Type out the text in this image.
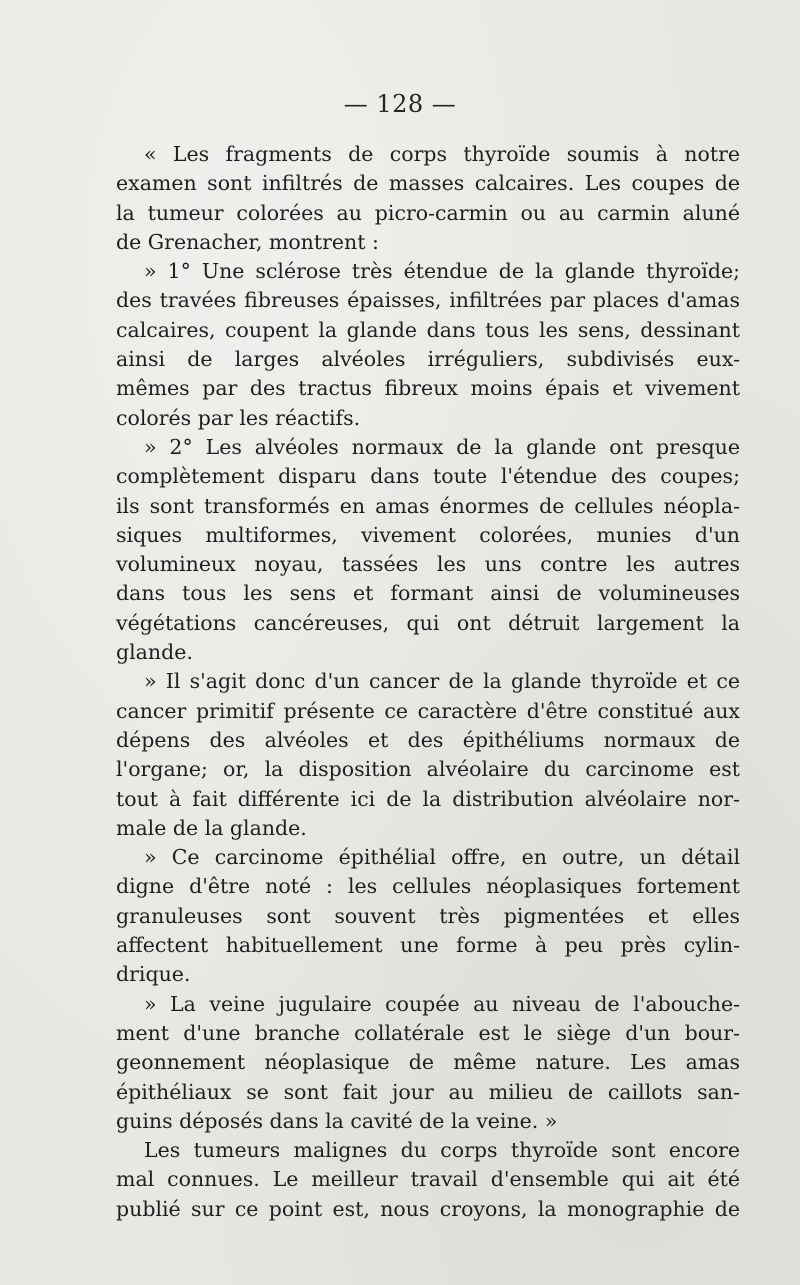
— 128 —
« Les fragments de corps thyroïde soumis à notre
examen sont infiltrés de masses calcaires. Les coupes de
la tumeur colorées au picro-carmin ou au carmin aluné
de Grenacher, montrent :
» 1° Une sclérose très étendue de la glande thyroïde;
des travées fibreuses épaisses, infiltrées par places d'amas
calcaires, coupent la glande dans tous les sens, dessinant
ainsi de larges alvéoles irréguliers, subdivisés eux-
mêmes par des tractus fibreux moins épais et vivement
colorés par les réactifs.
» 2° Les alvéoles normaux de la glande ont presque
complètement disparu dans toute l'étendue des coupes;
ils sont transformés en amas énormes de cellules néopla-
siques multiformes, vivement colorées, munies d'un
volumineux noyau, tassées les uns contre les autres
dans tous les sens et formant ainsi de volumineuses
végétations cancéreuses, qui ont détruit largement la
glande.
» Il s'agit donc d'un cancer de la glande thyroïde et ce
cancer primitif présente ce caractère d'être constitué aux
dépens des alvéoles et des épithéliums normaux de
l'organe; or, la disposition alvéolaire du carcinome est
tout à fait différente ici de la distribution alvéolaire nor-
male de la glande.
» Ce carcinome épithélial offre, en outre, un détail
digne d'être noté : les cellules néoplasiques fortement
granuleuses sont souvent très pigmentées et elles
affectent habituellement une forme à peu près cylin-
drique.
» La veine jugulaire coupée au niveau de l'abouche-
ment d'une branche collatérale est le siège d'un bour-
geonnement néoplasique de même nature. Les amas
épithéliaux se sont fait jour au milieu de caillots san-
guins déposés dans la cavité de la veine. »
Les tumeurs malignes du corps thyroïde sont encore
mal connues. Le meilleur travail d'ensemble qui ait été
publié sur ce point est, nous croyons, la monographie de
